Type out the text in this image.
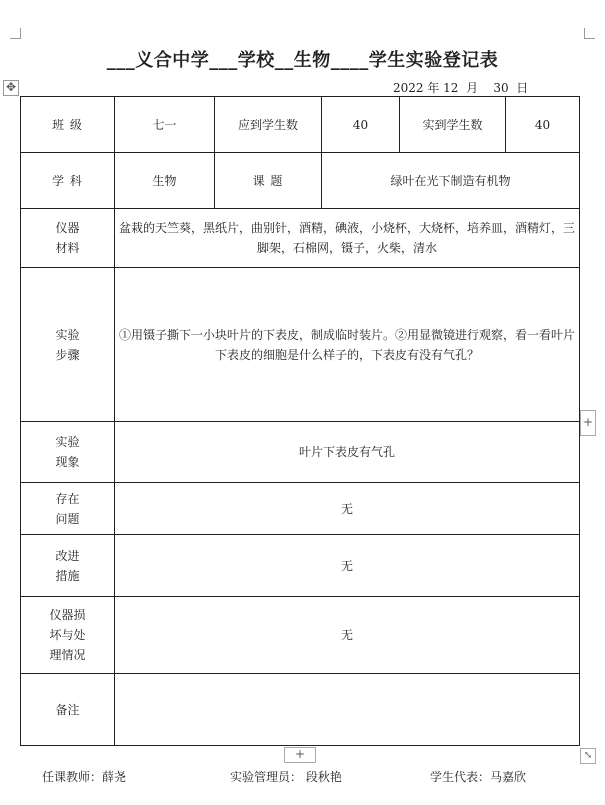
✥
___义合中学___学校__生物____学生实验登记表
2022 年 12  月    30  日
班 级	七一	应到学生数	40	实到学生数	40
学 科	生物	课 题	绿叶在光下制造有机物		

仪器
材料	盆栽的天竺葵，黑纸片，曲别针，酒精，碘液，小烧杯，大烧杯，培养皿，酒精灯，三脚架，石棉网，镊子，火柴，清水				

实验
步骤	①用镊子撕下一小块叶片的下表皮，制成临时装片。②用显微镜进行观察，看一看叶片下表皮的细胞是什么样子的，下表皮有没有气孔？				

实验
现象	叶片下表皮有气孔				

存在
问题	无				

改进
措施	无				

仪器损
坏与处
理情况	无				
备注					
+
+	⤡
任课教师：薛尧	实验管理员： 段秋艳	学生代表：马嘉欣
